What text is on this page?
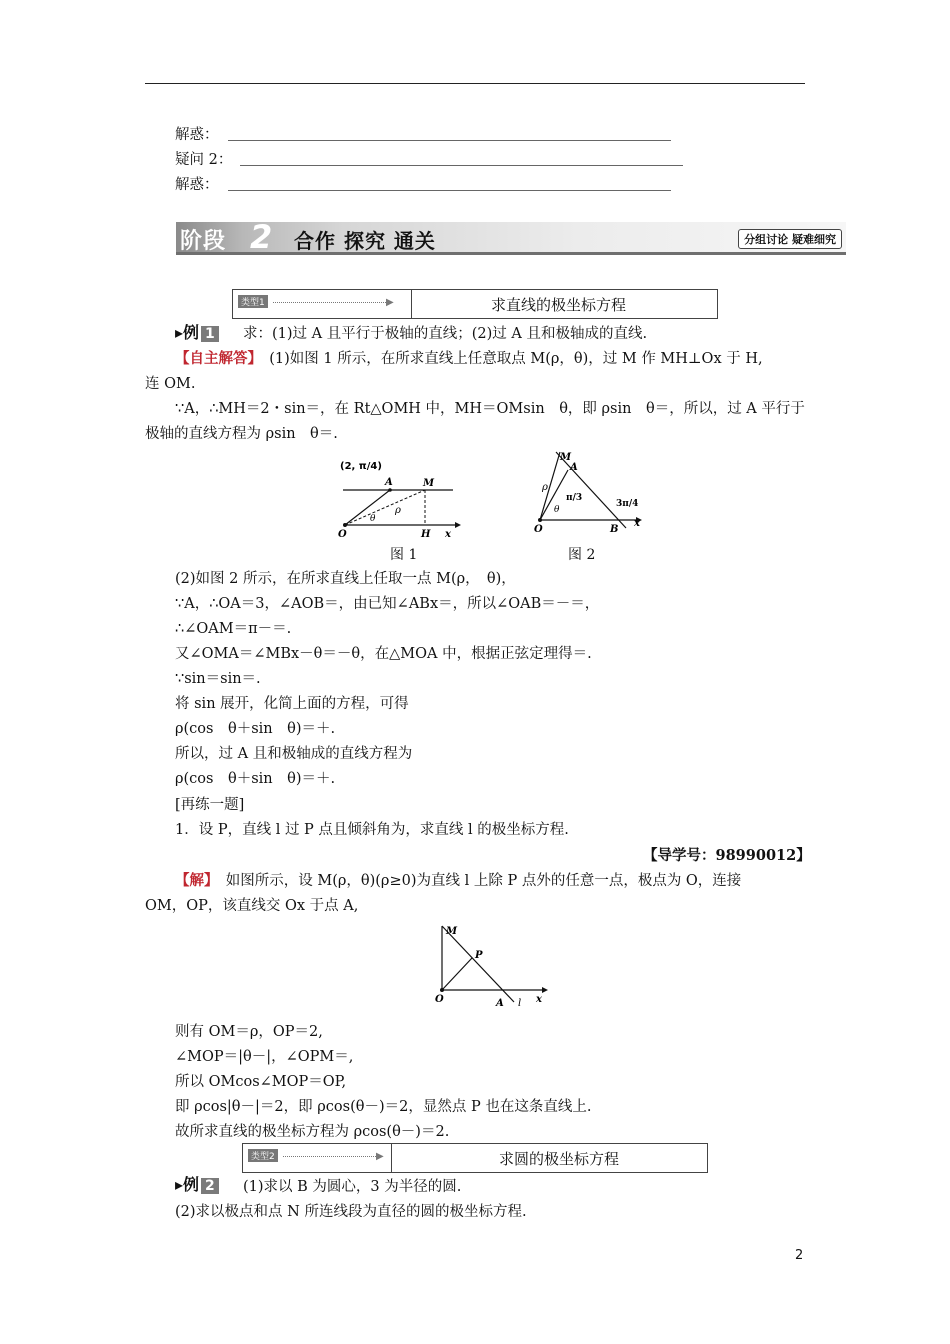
解惑：
疑问 2：
解惑：
阶段 2 合作 探究 通关	分组讨论 疑难细究
类型1	▶	求直线的极坐标方程
▸例 1 求：(1)过 A 且平行于极轴的直线；(2)过 A 且和极轴成的直线.
【自主解答】　 (1)如图 1 所示，在所求直线上任意取点 M(ρ，θ)，过 M 作 MH⊥Ox 于 H,
连 OM.
∵A，∴MH＝2・sin＝，在 Rt△OMH 中，MH＝OMsin　θ，即 ρsin　θ＝，所以，过 A 平行于
极轴的直线方程为 ρsin　θ＝.
(2, π/4)
A	M
O	H x
ρ
θ
图 1
M
A
O	B
x
ρ
θ
π/3
3π/4
图 2
(2)如图 2 所示，在所求直线上任取一点 M(ρ，　θ)，
∵A，∴OA＝3，∠AOB＝，由已知∠ABx＝，所以∠OAB＝－＝，
∴∠OAM＝π－＝.
又∠OMA＝∠MBx－θ＝－θ，在△MOA 中，根据正弦定理得＝.
∵sin＝sin＝.
将 sin 展开，化简上面的方程，可得
ρ(cos　θ＋sin　θ)＝＋.
所以，过 A 且和极轴成的直线方程为
ρ(cos　θ＋sin　θ)＝＋.
[再练一题]
1．设 P，直线 l 过 P 点且倾斜角为，求直线 l 的极坐标方程.
【导学号：98990012】
【解】　 如图所示，设 M(ρ，θ)(ρ≥0)为直线 l 上除 P 点外的任意一点，极点为 O，连接
OM，OP，该直线交 Ox 于点 A,
M
P
O	A l x
则有 OM＝ρ，OP＝2,
∠MOP＝|θ－|，∠OPM＝,
所以 OMcos∠MOP＝OP,
即 ρcos|θ－|＝2，即 ρcos(θ－)＝2，显然点 P 也在这条直线上.
故所求直线的极坐标方程为 ρcos(θ－)＝2.
类型2	▶	求圆的极坐标方程
▸例 2 (1)求以 B 为圆心，3 为半径的圆.
(2)求以极点和点 N 所连线段为直径的圆的极坐标方程.
2
